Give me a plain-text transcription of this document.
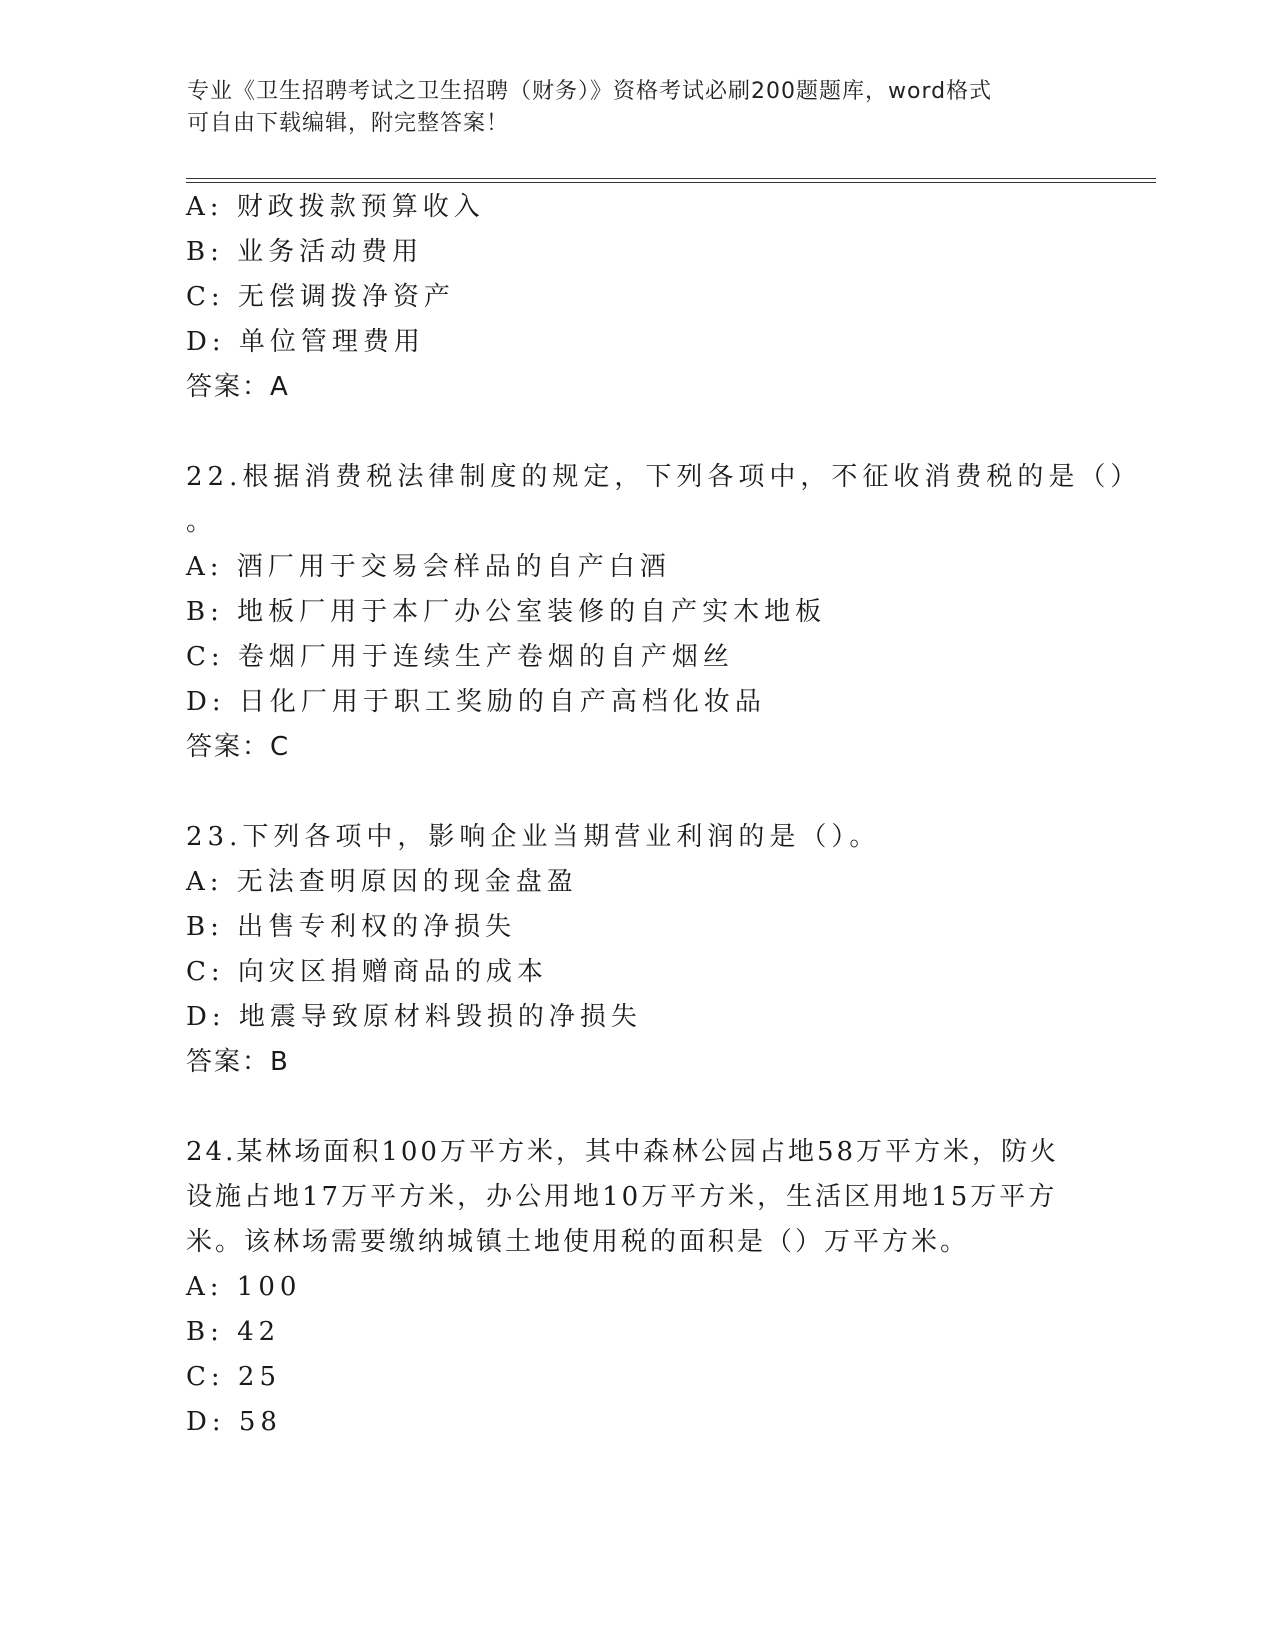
专业《卫生招聘考试之卫生招聘（财务）》资格考试必刷200题题库，word格式
可自由下载编辑，附完整答案！
A: 财政拨款预算收入
B: 业务活动费用
C: 无偿调拨净资产
D: 单位管理费用
答案：A
22.根据消费税法律制度的规定，下列各项中，不征收消费税的是（）
。
A: 酒厂用于交易会样品的自产白酒
B: 地板厂用于本厂办公室装修的自产实木地板
C: 卷烟厂用于连续生产卷烟的自产烟丝
D: 日化厂用于职工奖励的自产高档化妆品
答案：C
23.下列各项中，影响企业当期营业利润的是（）。
A: 无法查明原因的现金盘盈
B: 出售专利权的净损失
C: 向灾区捐赠商品的成本
D: 地震导致原材料毁损的净损失
答案：B
24.某林场面积100万平方米，其中森林公园占地58万平方米，防火
设施占地17万平方米，办公用地10万平方米，生活区用地15万平方
米。该林场需要缴纳城镇土地使用税的面积是（）万平方米。
A: 100
B: 42
C: 25
D: 58
